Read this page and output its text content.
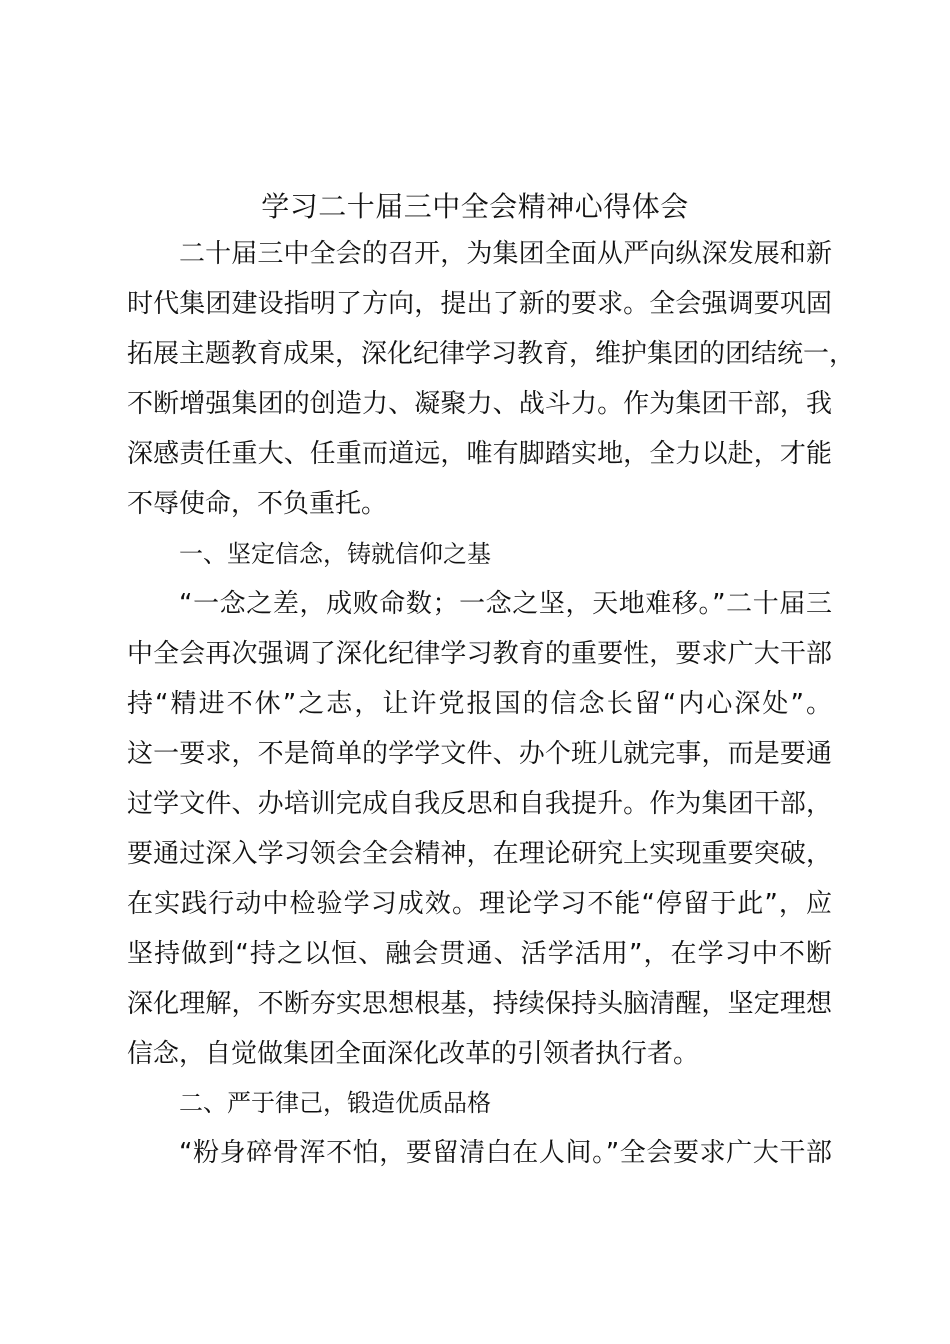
学习二十届三中全会精神心得体会
二十届三中全会的召开，为集团全面从严向纵深发展和新
时代集团建设指明了方向，提出了新的要求。全会强调要巩固
拓展主题教育成果，深化纪律学习教育，维护集团的团结统一，
不断增强集团的创造力、凝聚力、战斗力。作为集团干部，我
深感责任重大、任重而道远，唯有脚踏实地，全力以赴，才能
不辱使命，不负重托。
一、坚定信念，铸就信仰之基
“一念之差，成败命数；一念之坚，天地难移。”二十届三
中全会再次强调了深化纪律学习教育的重要性，要求广大干部
持“精进不休”之志，让许党报国的信念长留“内心深处”。
这一要求，不是简单的学学文件、办个班儿就完事，而是要通
过学文件、办培训完成自我反思和自我提升。作为集团干部，
要通过深入学习领会全会精神，在理论研究上实现重要突破，
在实践行动中检验学习成效。理论学习不能“停留于此”，应
坚持做到“持之以恒、融会贯通、活学活用”，在学习中不断
深化理解，不断夯实思想根基，持续保持头脑清醒，坚定理想
信念，自觉做集团全面深化改革的引领者执行者。
二、严于律己，锻造优质品格
“粉身碎骨浑不怕，要留清白在人间。”全会要求广大干部
